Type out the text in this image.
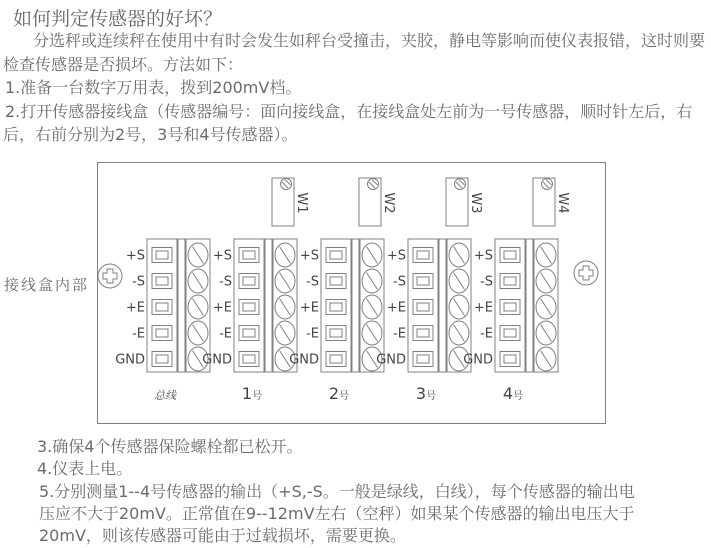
如何判定传感器的好坏？
分选秤或连续秤在使用中有时会发生如秤台受撞击，夹胶，静电等影响而使仪表报错，这时则要
检查传感器是否损坏。方法如下：
1.准备一台数字万用表，拨到200mV档。
2.打开传感器接线盒（传感器编号：面向接线盒，在接线盒处左前为一号传感器，顺时针左后，右
后，右前分别为2号，3号和4号传感器）。
接线盒内部
W1	W2	W3	W4
+S
-S
+E
-E
GND
总线
+S
-S
+E
-E
GND
1号
+S
-S
+E
-E
GND
2号
+S
-S
+E
-E
GND
3号
+S
-S
+E
-E
GND
4号
3.确保4个传感器保险螺栓都已松开。
4.仪表上电。
5.分别测量1--4号传感器的输出（+S,-S。一般是绿线，白线），每个传感器的输出电
压应不大于20mV。正常值在9--12mV左右（空秤）如果某个传感器的输出电压大于
20mV，则该传感器可能由于过载损坏，需要更换。
